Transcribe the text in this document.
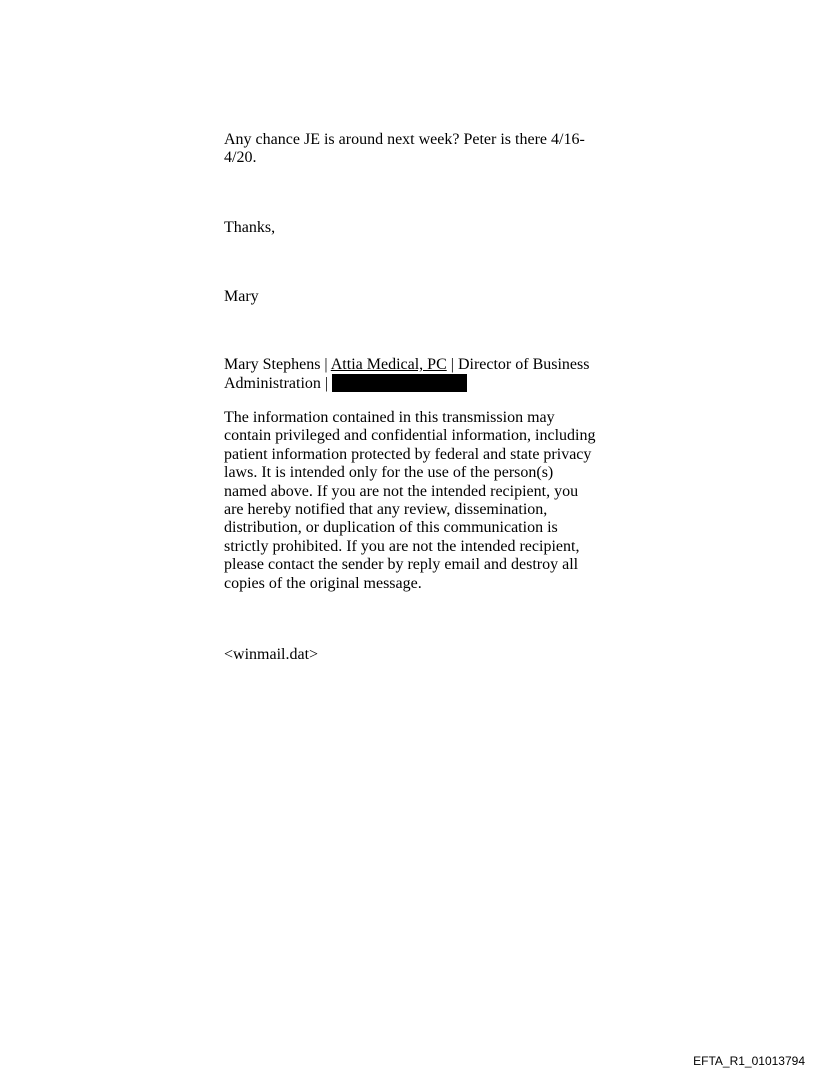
Any chance JE is around next week? Peter is there 4/16-4/20.

Thanks,

Mary

Mary Stephens | Attia Medical, PC | Director of Business
Administration |

The information contained in this transmission may contain privileged and confidential information, including patient information protected by federal and state privacy laws. It is intended only for the use of the person(s) named above. If you are not the intended recipient, you are hereby notified that any review, dissemination, distribution, or duplication of this communication is strictly prohibited. If you are not the intended recipient, please contact the sender by reply email and destroy all copies of the original message.

<winmail.dat>

EFTA_R1_01013794
